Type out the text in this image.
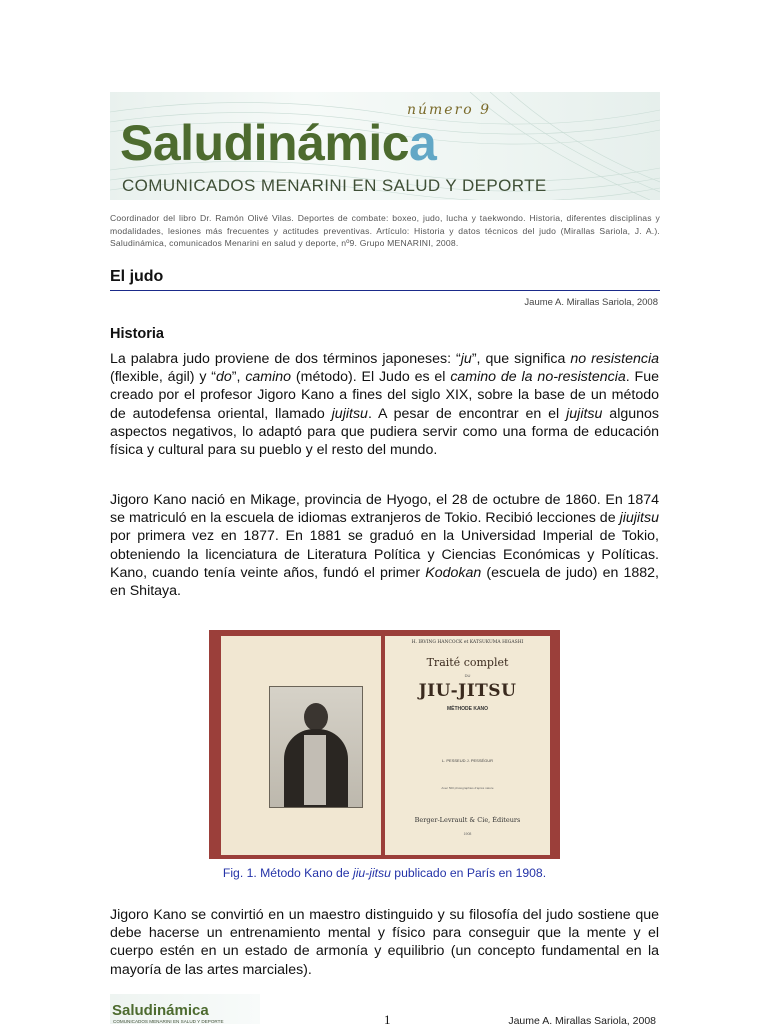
número 9
Saludinámica
COMUNICADOS MENARINI EN SALUD Y DEPORTE
Coordinador del libro Dr. Ramón Olivé Vilas. Deportes de combate: boxeo, judo, lucha y taekwondo. Historia, diferentes disciplinas y modalidades, lesiones más frecuentes y actitudes preventivas. Artículo: Historia y datos técnicos del judo (Mirallas Sariola, J. A.). Saludinámica, comunicados Menarini en salud y deporte, nº9. Grupo MENARINI, 2008.
El judo
Jaume A. Mirallas Sariola, 2008
Historia
La palabra judo proviene de dos términos japoneses: “ju”, que significa no resistencia (flexible, ágil) y “do”, camino (método). El Judo es el camino de la no-resistencia. Fue creado por el profesor Jigoro Kano a fines del siglo XIX, sobre la base de un método de autodefensa oriental, llamado jujitsu. A pesar de encontrar en el jujitsu algunos aspectos negativos, lo adaptó para que pudiera servir como una forma de educación física y cultural para su pueblo y el resto del mundo.
Jigoro Kano nació en Mikage, provincia de Hyogo, el 28 de octubre de 1860. En 1874 se matriculó en la escuela de idiomas extranjeros de Tokio. Recibió lecciones de jiujitsu por primera vez en 1877. En 1881 se graduó en la Universidad Imperial de Tokio, obteniendo la licenciatura de Literatura Política y Ciencias Económicas y Políticas. Kano, cuando tenía veinte años, fundó el primer Kodokan (escuela de judo) en 1882, en Shitaya.
H. IRVING HANCOCK et KATSUKUMA HIGASHI
Traité complet
DU
JIU-JITSU
MÉTHODE KANO
L. PESSEUD J. PESSÉGUR
Avec 500 photographies d'après nature
Berger-Levrault & Cie, Éditeurs
1908
Fig. 1. Método Kano de jiu-jitsu publicado en París en 1908.
Jigoro Kano se convirtió en un maestro distinguido y su filosofía del judo sostiene que debe hacerse un entrenamiento mental y físico para conseguir que la mente y el cuerpo estén en un estado de armonía y equilibrio (un concepto fundamental en la mayoría de las artes marciales).
Saludinámica
COMUNICADOS MENARINI EN SALUD Y DEPORTE	1	Jaume A. Mirallas Sariola, 2008
